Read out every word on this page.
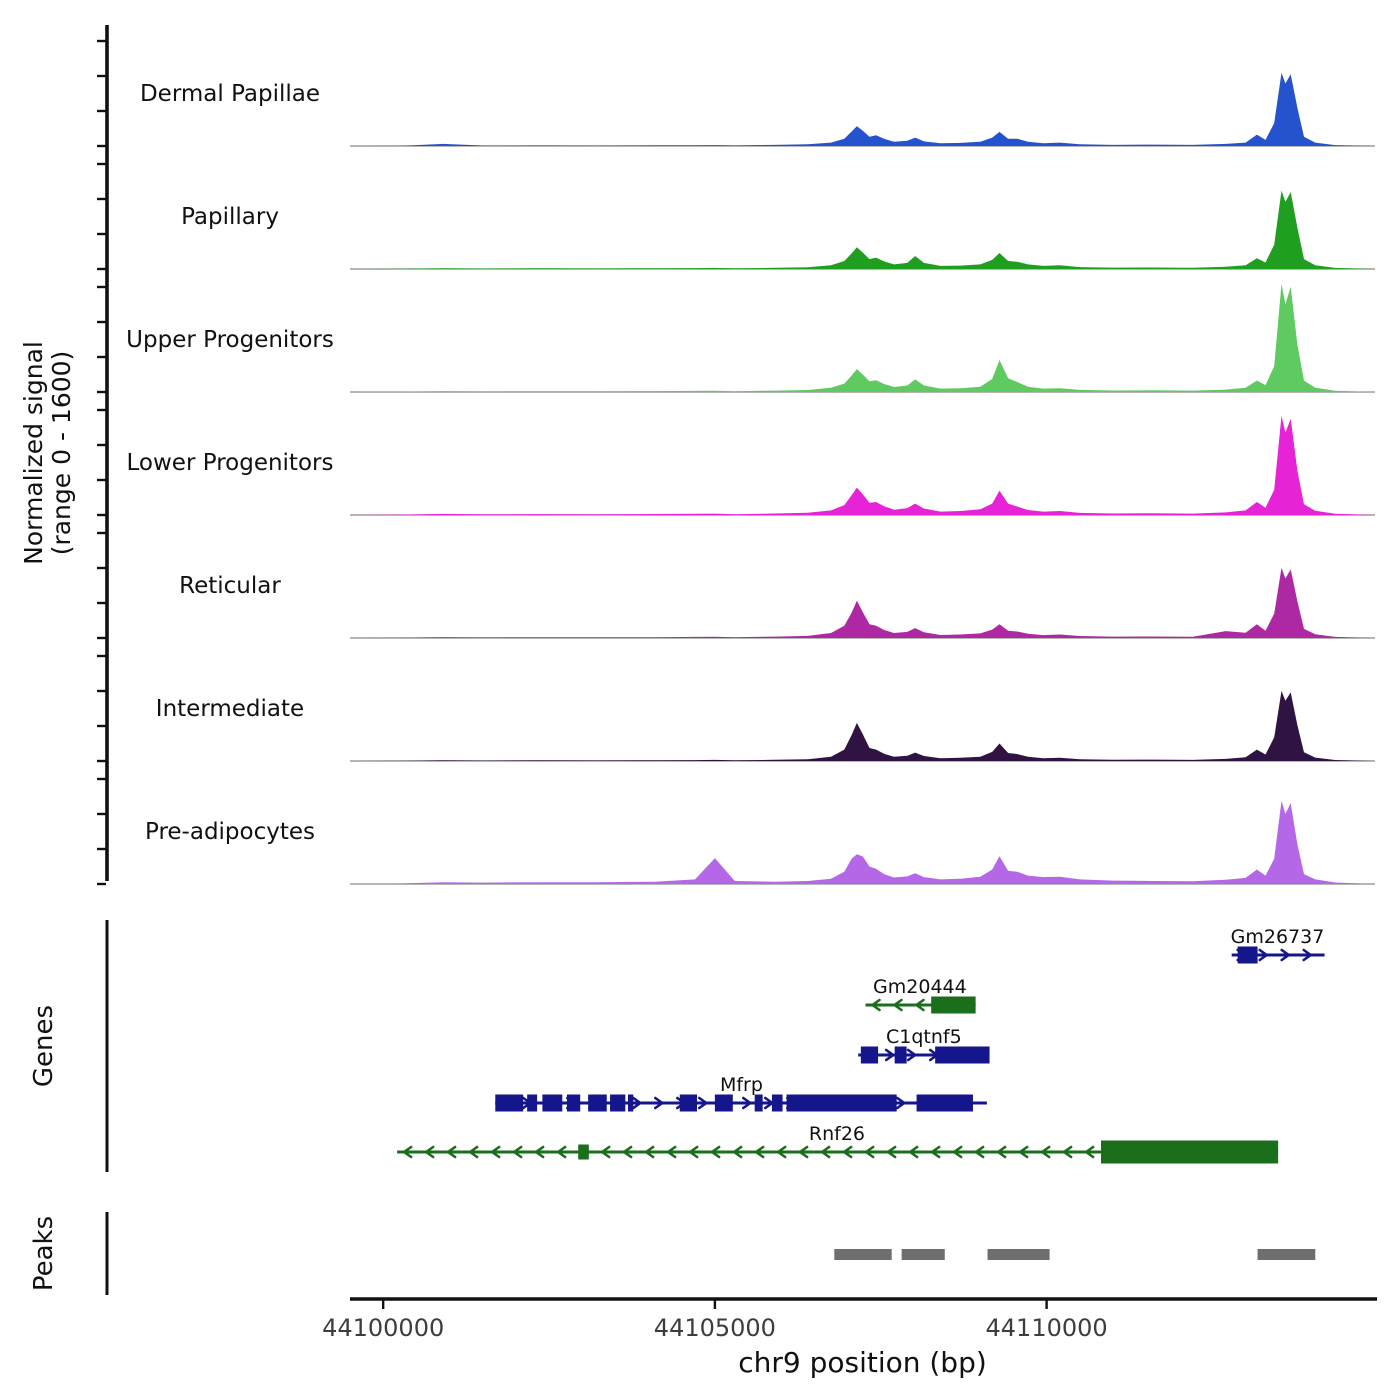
Dermal Papillae
Papillary
Upper Progenitors
Lower Progenitors
Reticular
Intermediate
Pre-adipocytes
Normalized signal (range 0 - 1600)
Genes
Gm26737
Gm20444
C1qtnf5
Mfrp
Rnf26
Peaks
44100000	44105000	44110000
chr9 position (bp)
